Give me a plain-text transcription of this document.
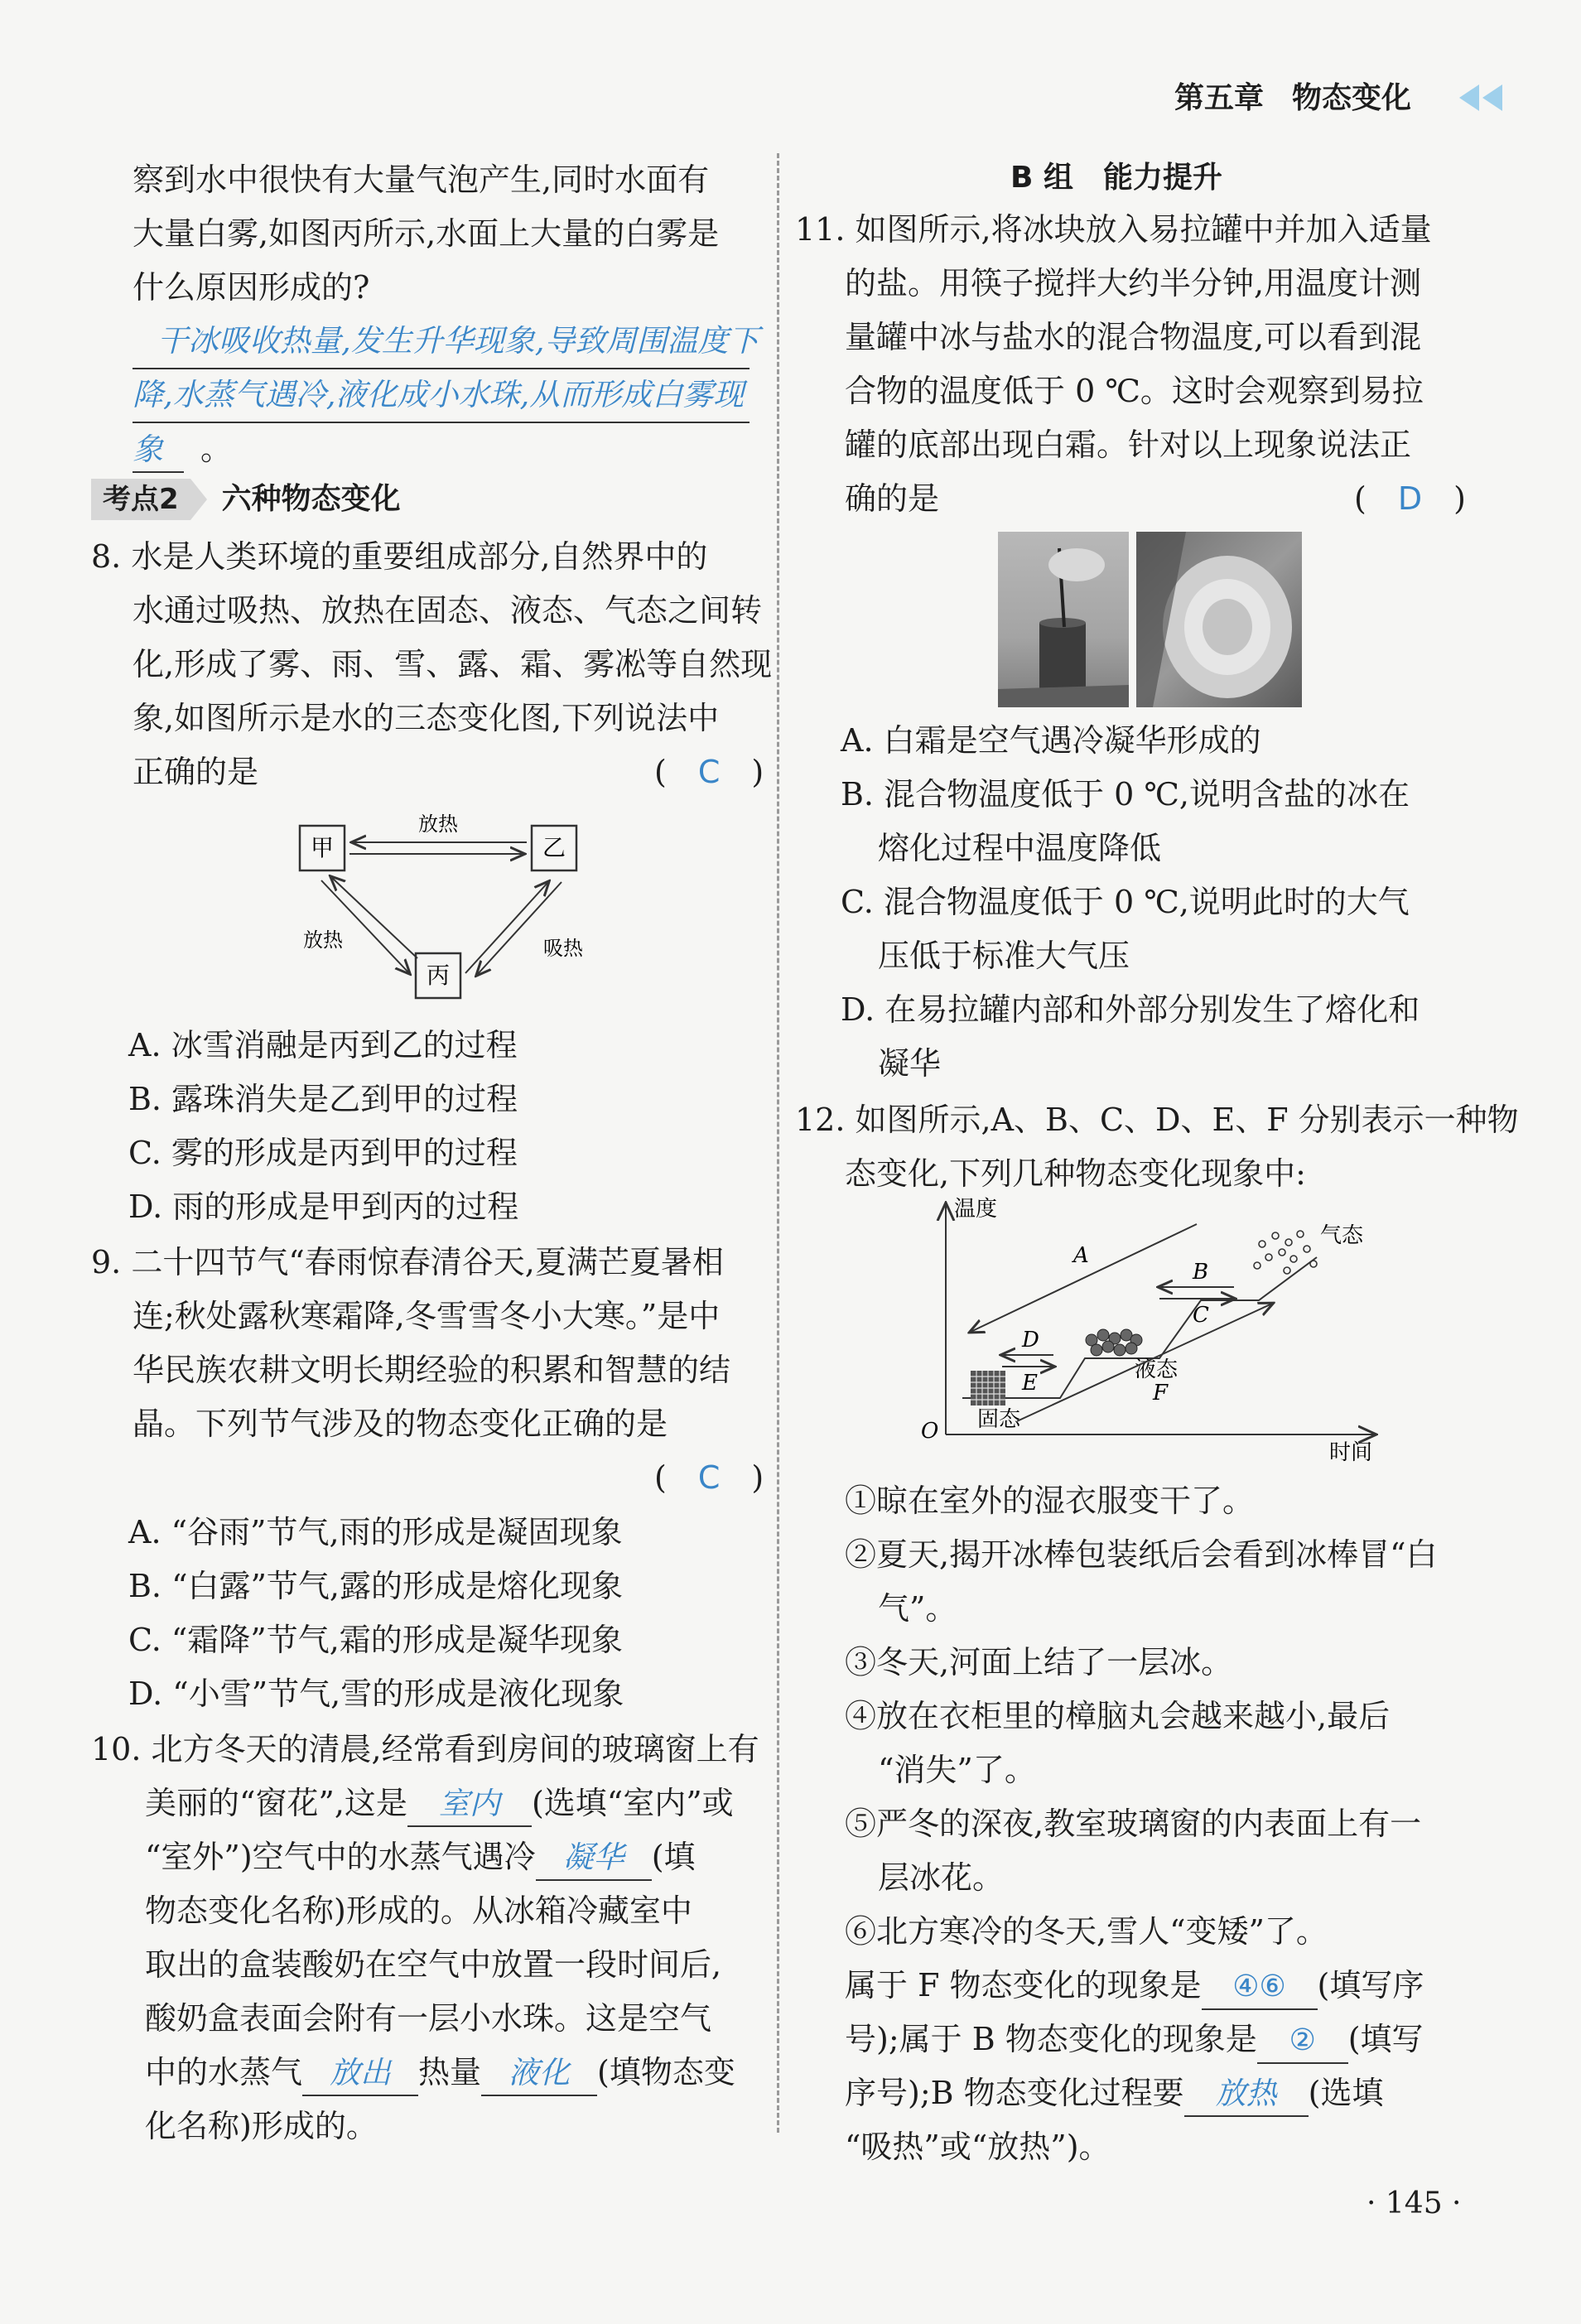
第五章 物态变化
察到水中很快有大量气泡产生,同时水面有
大量白雾,如图丙所示,水面上大量的白雾是
什么原因形成的?
干冰吸收热量,发生升华现象,导致周围温度下
降,水蒸气遇冷,液化成小水珠,从而形成白雾现
象 。
考点2 六种物态变化
8. 水是人类环境的重要组成部分,自然界中的
水通过吸热、放热在固态、液态、气态之间转
化,形成了雾、雨、雪、露、霜、雾凇等自然现
象,如图所示是水的三态变化图,下列说法中
正确的是	(　C　)
甲	乙
丙
放热
放热	吸热
A. 冰雪消融是丙到乙的过程
B. 露珠消失是乙到甲的过程
C. 雾的形成是丙到甲的过程
D. 雨的形成是甲到丙的过程
9. 二十四节气“春雨惊春清谷天,夏满芒夏暑相
连;秋处露秋寒霜降,冬雪雪冬小大寒。”是中
华民族农耕文明长期经验的积累和智慧的结
晶。下列节气涉及的物态变化正确的是
(　C　)
A. “谷雨”节气,雨的形成是凝固现象
B. “白露”节气,露的形成是熔化现象
C. “霜降”节气,霜的形成是凝华现象
D. “小雪”节气,雪的形成是液化现象
10. 北方冬天的清晨,经常看到房间的玻璃窗上有
美丽的“窗花”,这是 室内 (选填“室内”或
“室外”)空气中的水蒸气遇冷 凝华 (填
物态变化名称)形成的。从冰箱冷藏室中
取出的盒装酸奶在空气中放置一段时间后,
酸奶盒表面会附有一层小水珠。这是空气
中的水蒸气 放出 热量 液化 (填物态变
化名称)形成的。
B 组　能力提升
11. 如图所示,将冰块放入易拉罐中并加入适量
的盐。用筷子搅拌大约半分钟,用温度计测
量罐中冰与盐水的混合物温度,可以看到混
合物的温度低于 0 ℃。这时会观察到易拉
罐的底部出现白霜。针对以上现象说法正
确的是	(　D　)
A. 白霜是空气遇冷凝华形成的
B. 混合物温度低于 0 ℃,说明含盐的冰在
熔化过程中温度降低
C. 混合物温度低于 0 ℃,说明此时的大气
压低于标准大气压
D. 在易拉罐内部和外部分别发生了熔化和
凝华
12. 如图所示,A、B、C、D、E、F 分别表示一种物
态变化,下列几种物态变化现象中:
温度
时间
O 固态
液态
气态
A
B
C
D
E	F
①晾在室外的湿衣服变干了。
②夏天,揭开冰棒包装纸后会看到冰棒冒“白
气”。
③冬天,河面上结了一层冰。
④放在衣柜里的樟脑丸会越来越小,最后
“消失”了。
⑤严冬的深夜,教室玻璃窗的内表面上有一
层冰花。
⑥北方寒冷的冬天,雪人“变矮”了。
属于 F 物态变化的现象是 ④⑥ (填写序
号);属于 B 物态变化的现象是 ② (填写
序号);B 物态变化过程要 放热 (选填
“吸热”或“放热”)。
· 145 ·
